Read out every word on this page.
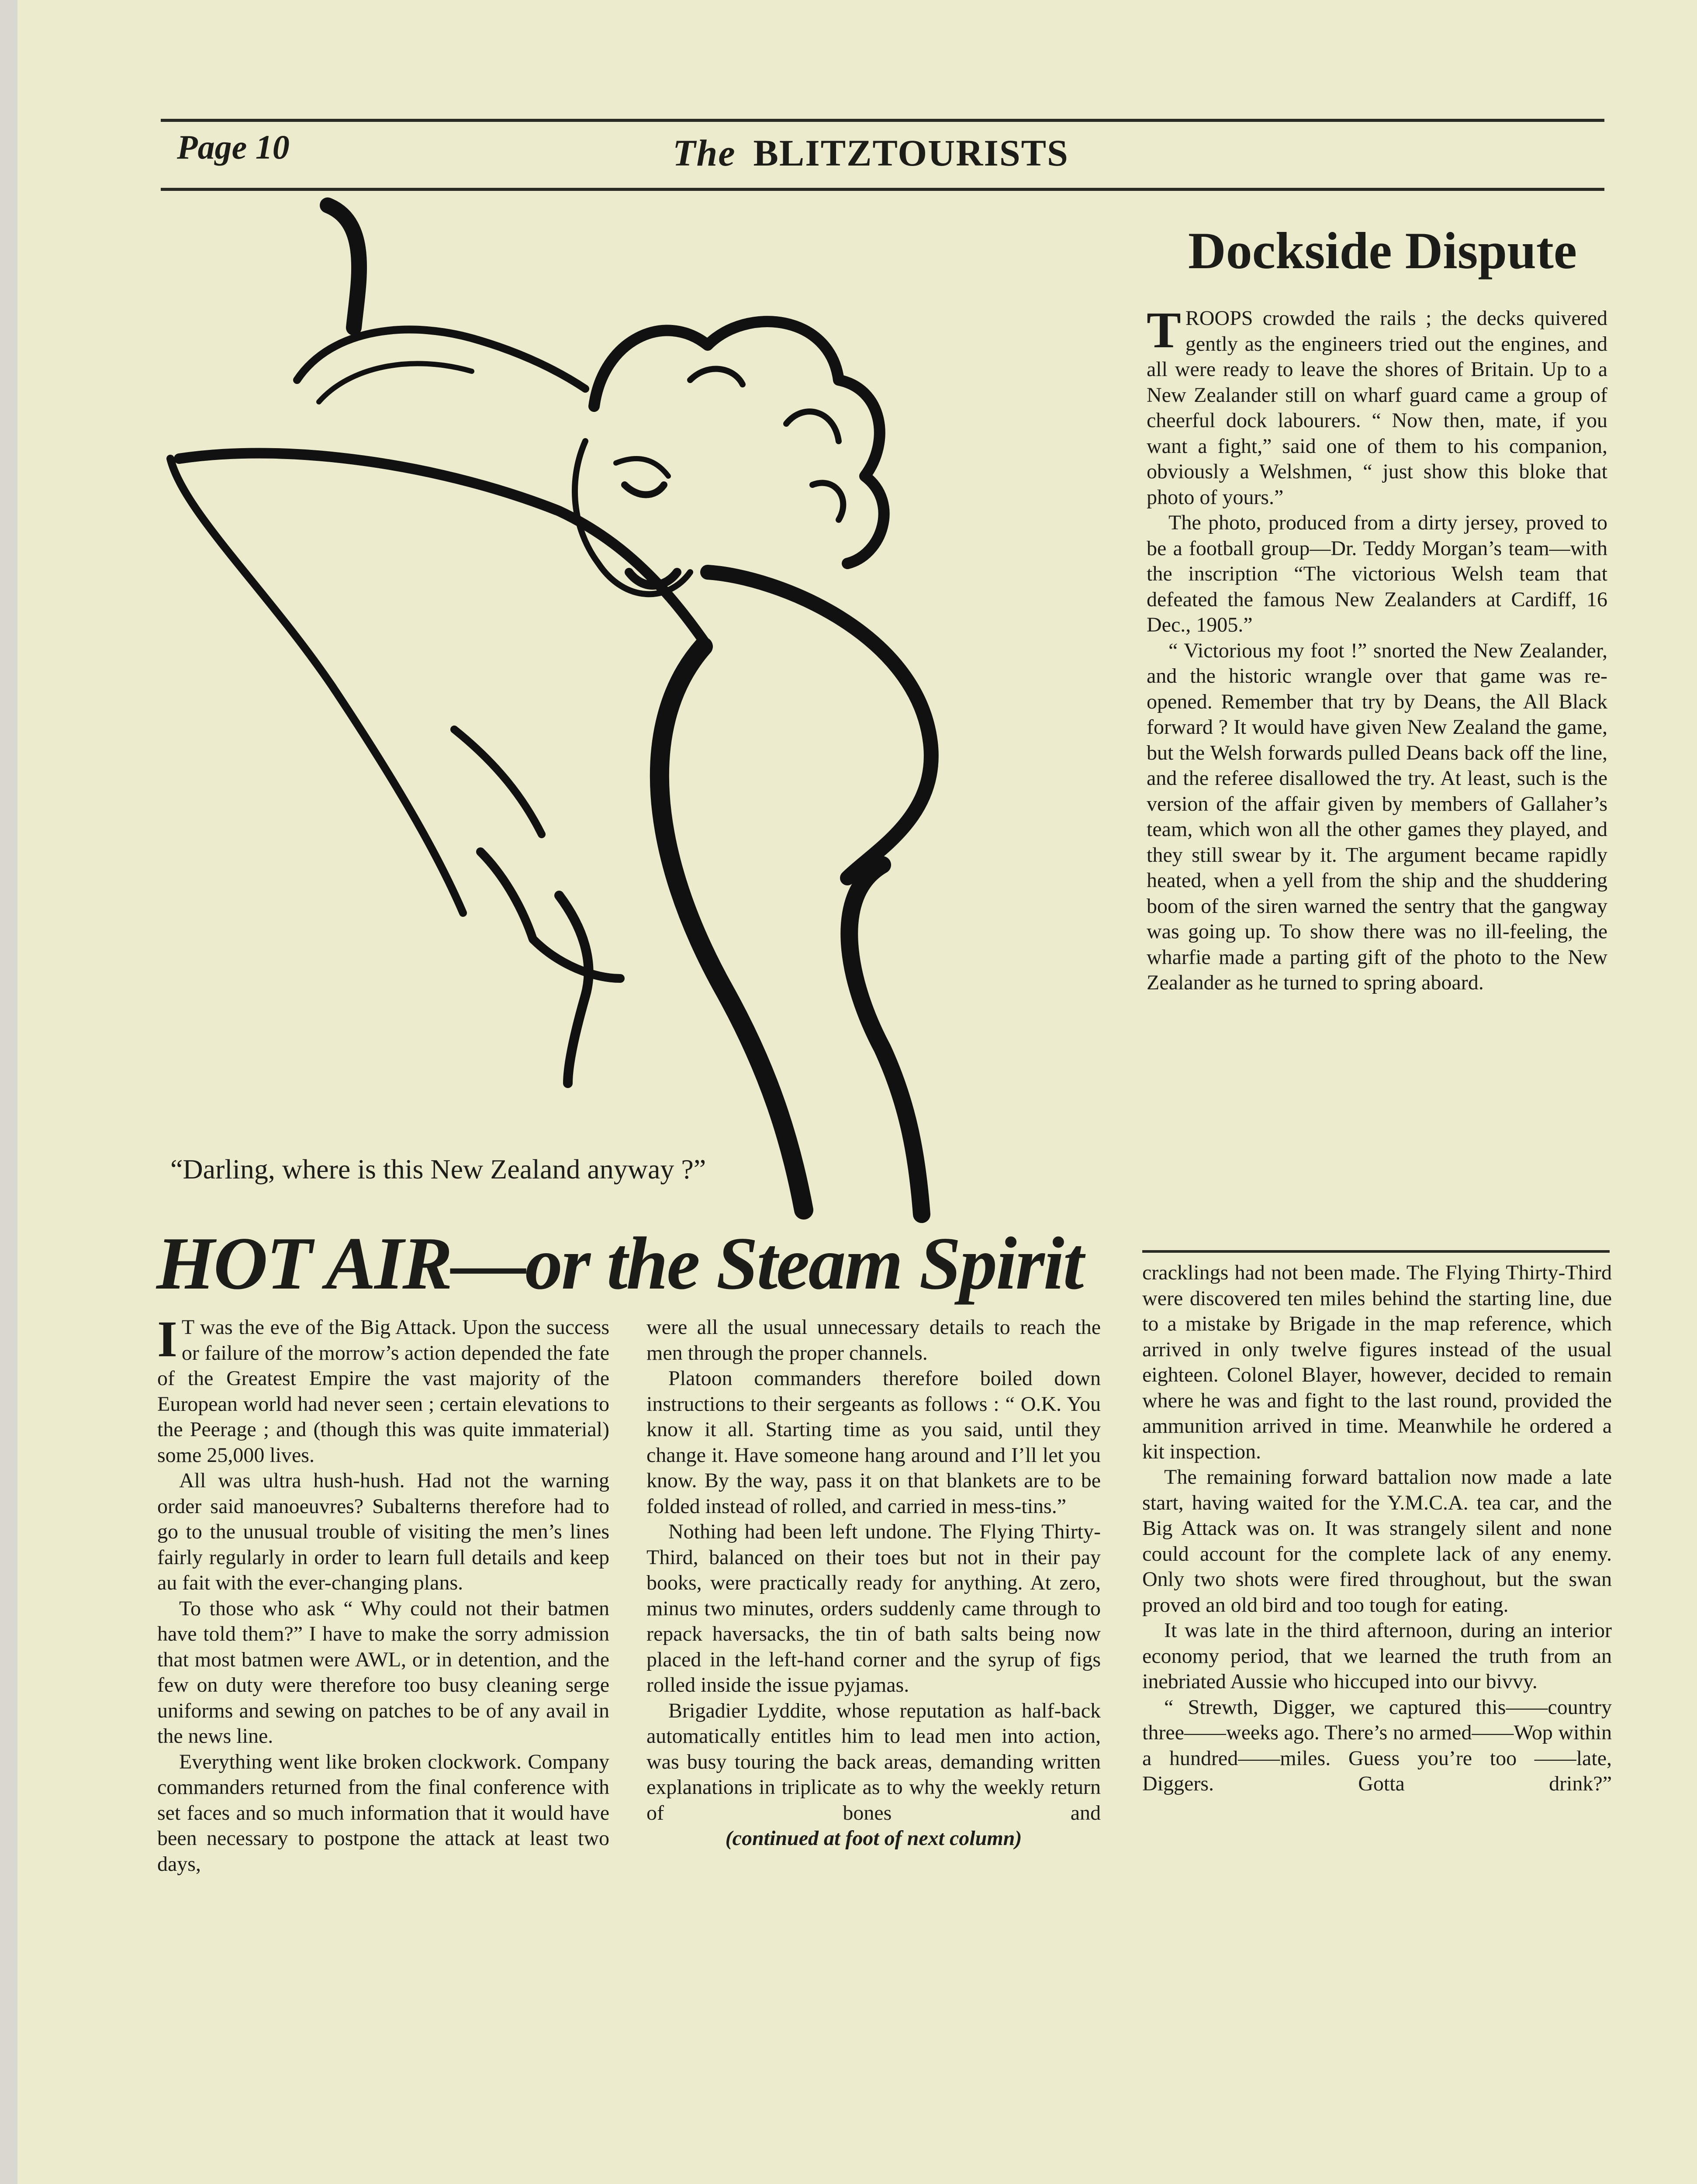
Page 10	The BLITZTOURISTS
“Darling, where is this New Zealand anyway ?”
HOT AIR—or the Steam Spirit

I T was the eve of the Big Attack. Upon the success or failure of the morrow’s action depended the fate of the Greatest Empire the vast majority of the European world had never seen ; certain elevations to the Peerage ; and (though this was quite immaterial) some 25,000 lives.

All was ultra hush-hush. Had not the warning order said manoeuvres? Subalterns therefore had to go to the unusual trouble of visiting the men’s lines fairly regularly in order to learn full details and keep au fait with the ever-changing plans.

To those who ask “ Why could not their batmen have told them?” I have to make the sorry admission that most batmen were AWL, or in detention, and the few on duty were therefore too busy cleaning serge uniforms and sewing on patches to be of any avail in the news line.

Everything went like broken clockwork. Company commanders returned from the final conference with set faces and so much information that it would have been necessary to postpone the attack at least two days,

were all the usual unnecessary details to reach the men through the proper channels.

Platoon commanders therefore boiled down instructions to their sergeants as follows : “ O.K. You know it all. Starting time as you said, until they change it. Have someone hang around and I’ll let you know. By the way, pass it on that blankets are to be folded instead of rolled, and carried in mess-tins.”

Nothing had been left undone. The Flying Thirty-Third, balanced on their toes but not in their pay books, were practically ready for anything. At zero, minus two minutes, orders suddenly came through to repack haversacks, the tin of bath salts being now placed in the left-hand corner and the syrup of figs rolled inside the issue pyjamas.

Brigadier Lyddite, whose reputation as half-back automatically entitles him to lead men into action, was busy touring the back areas, demanding written explanations in triplicate as to why the weekly return of bones and

(continued at foot of next column)
Dockside Dispute

TROOPS crowded the rails ; the decks quivered gently as the engineers tried out the engines, and all were ready to leave the shores of Britain. Up to a New Zealander still on wharf guard came a group of cheerful dock labourers. “ Now then, mate, if you want a fight,” said one of them to his companion, obviously a Welshmen, “ just show this bloke that photo of yours.”

The photo, produced from a dirty jersey, proved to be a football group—Dr. Teddy Morgan’s team—with the inscription “The victorious Welsh team that defeated the famous New Zealanders at Cardiff, 16 Dec., 1905.”

“ Victorious my foot !” snorted the New Zealander, and the historic wrangle over that game was re-opened. Remember that try by Deans, the All Black forward ? It would have given New Zealand the game, but the Welsh forwards pulled Deans back off the line, and the referee disallowed the try. At least, such is the version of the affair given by members of Gallaher’s team, which won all the other games they played, and they still swear by it. The argument became rapidly heated, when a yell from the ship and the shuddering boom of the siren warned the sentry that the gangway was going up. To show there was no ill-feeling, the wharfie made a parting gift of the photo to the New Zealander as he turned to spring aboard.

cracklings had not been made. The Flying Thirty-Third were discovered ten miles behind the starting line, due to a mistake by Brigade in the map reference, which arrived in only twelve figures instead of the usual eighteen. Colonel Blayer, however, decided to remain where he was and fight to the last round, provided the ammunition arrived in time. Meanwhile he ordered a kit inspection.

The remaining forward battalion now made a late start, having waited for the Y.M.C.A. tea car, and the Big Attack was on. It was strangely silent and none could account for the complete lack of any enemy. Only two shots were fired throughout, but the swan proved an old bird and too tough for eating.

It was late in the third afternoon, during an interior economy period, that we learned the truth from an inebriated Aussie who hiccuped into our bivvy.

“ Strewth, Digger, we captured this——country three——weeks ago. There’s no armed——Wop within a hundred——miles. Guess you’re too ——late, Diggers. Gotta drink?”
